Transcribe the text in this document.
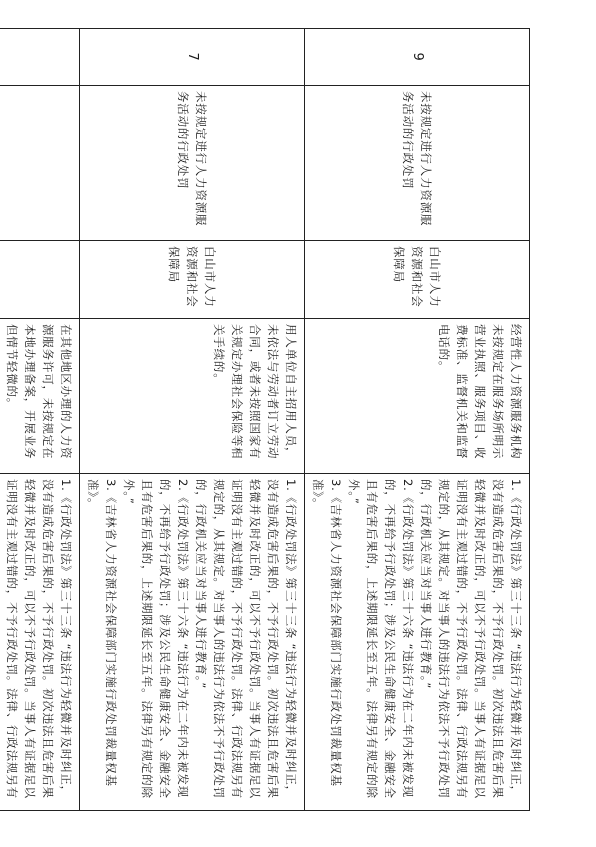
9	未按规定进行人力资源服务活动的行政处罚	白山市人力资源和社会保障局	经营性人力资源服务机构未按规定在服务场所明示营业执照、服务项目、收费标准、监督机关和监督电话的。	1.《行政处罚法》第三十三条 “违法行为轻微并及时纠正，没有造成危害后果的，不予行政处罚。初次违法且危害后果轻微并及时改正的，可以不予行政处罚。当事人有证据足以证明没有主观过错的，不予行政处罚。法律、行政法规另有规定的，从其规定。对当事人的违法行为依法不予行政处罚的，行政机关应当对当事人进行教育。”
2.《行政处罚法》第三十六条 “违法行为在二年内未被发现的，不再给予行政处罚；涉及公民生命健康安全、金融安全且有危害后果的，上述期限延长至五年。法律另有规定的除外。”
3.《吉林省人力资源社会保障部门实施行政处罚裁量权基准》。

7	未按规定进行人力资源服务活动的行政处罚	白山市人力资源和社会保障局	用人单位自主招用人员，未依法与劳动者订立劳动合同，或者未按照国家有关规定办理社会保险等相关手续的。	1.《行政处罚法》第三十三条 “违法行为轻微并及时纠正，没有造成危害后果的，不予行政处罚。初次违法且危害后果轻微并及时改正的，可以不予行政处罚。当事人有证据足以证明没有主观过错的，不予行政处罚。法律、行政法规另有规定的，从其规定。对当事人的违法行为依法不予行政处罚的，行政机关应当对当事人进行教育。”
2.《行政处罚法》第三十六条 “违法行为在二年内未被发现的，不再给予行政处罚；涉及公民生命健康安全、金融安全且有危害后果的，上述期限延长至五年。法律另有规定的除外。”
3.《吉林省人力资源社会保障部门实施行政处罚裁量权基准》。

			在其他地区办理的人力资源服务许可，未按规定在本地办理备案，开展业务但情节轻微的。	1.《行政处罚法》第三十三条 “违法行为轻微并及时纠正，没有造成危害后果的，不予行政处罚。初次违法且危害后果轻微并及时改正的，可以不予行政处罚。当事人有证据足以证明没有主观过错的，不予行政处罚。法律、行政法规另有
